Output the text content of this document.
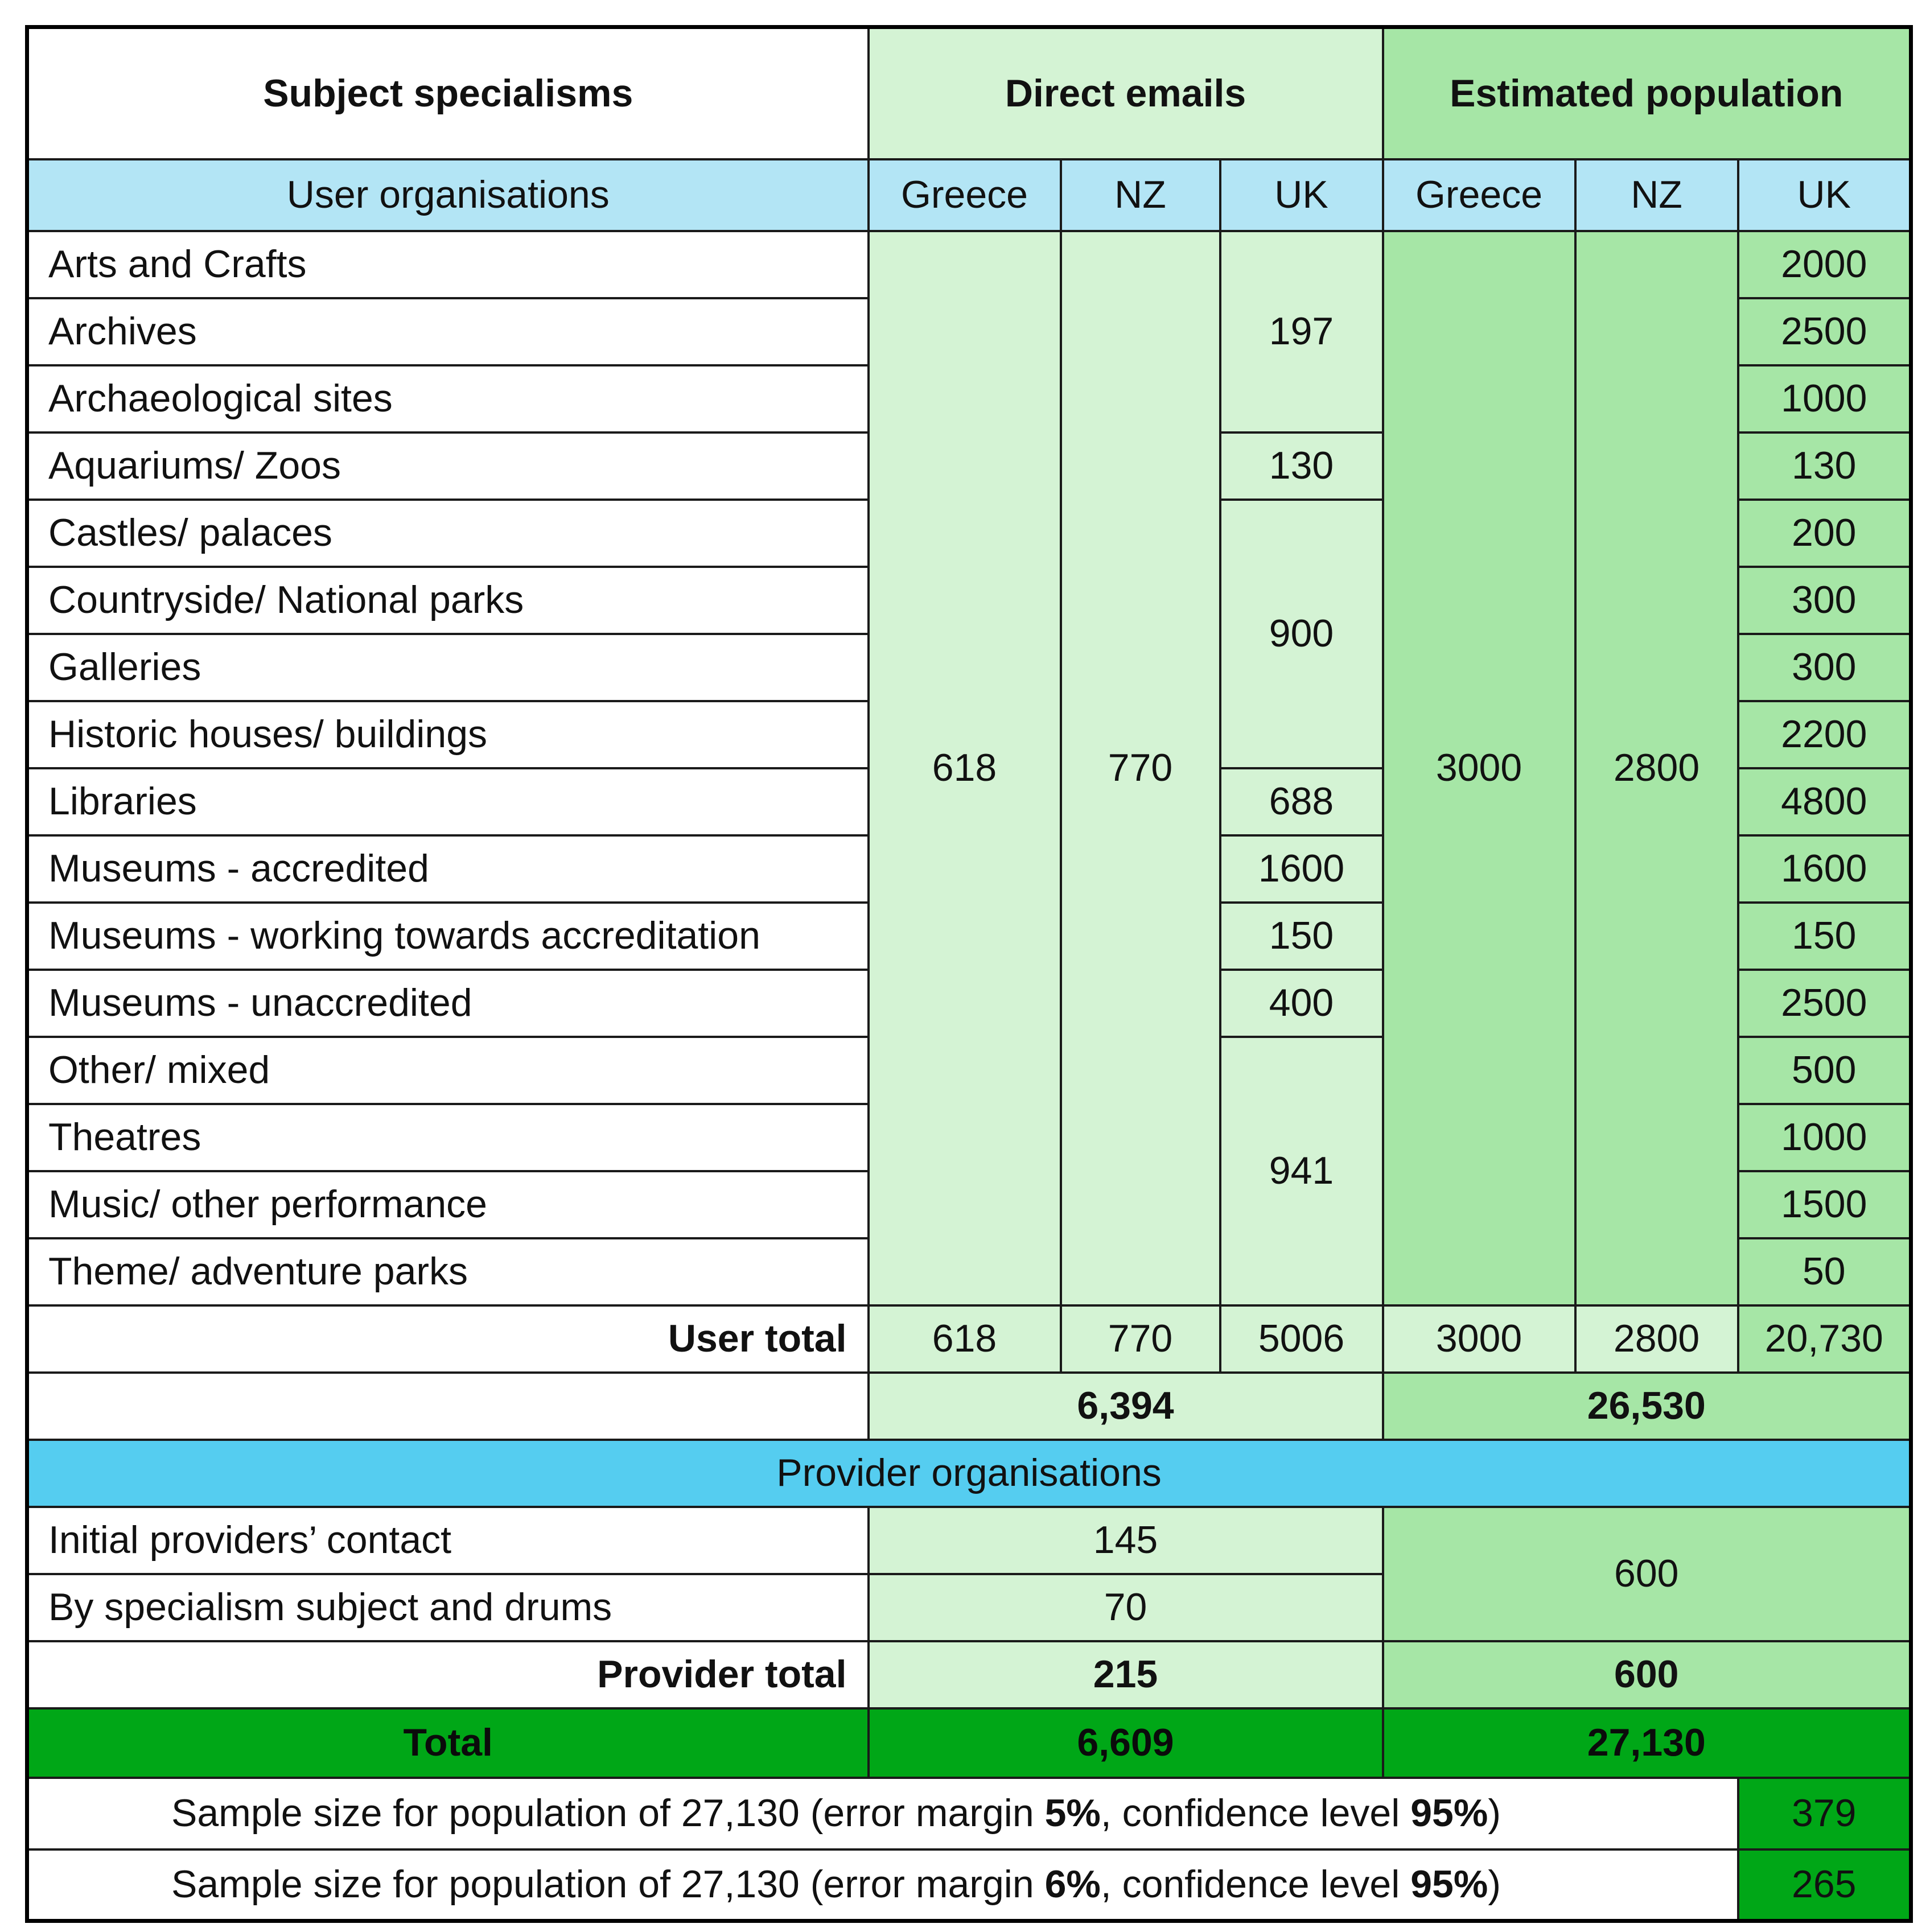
Subject specialisms	Direct emails			Estimated population		
User organisations	Greece	NZ	UK	Greece	NZ	UK
Arts and Crafts	618	770	197	3000	2800	2000
Archives						2500
Archaeological sites						1000
Aquariums/ Zoos			130			130
Castles/ palaces			900			200
Countryside/ National parks						300
Galleries						300
Historic houses/ buildings						2200
Libraries			688			4800
Museums - accredited			1600			1600
Museums - working towards accreditation			150			150
Museums - unaccredited			400			2500
Other/ mixed			941			500
Theatres						1000
Music/ other performance						1500
Theme/ adventure parks						50
User total	618	770	5006	3000	2800	20,730
	6,394			26,530		
Provider organisations						
Initial providers’ contact	145			600		
By specialism subject and drums	70					
Provider total	215			600		
Total	6,609			27,130		
Sample size for population of 27,130 (error margin 5%, confidence level 95%)						379
Sample size for population of 27,130 (error margin 6%, confidence level 95%)						265
